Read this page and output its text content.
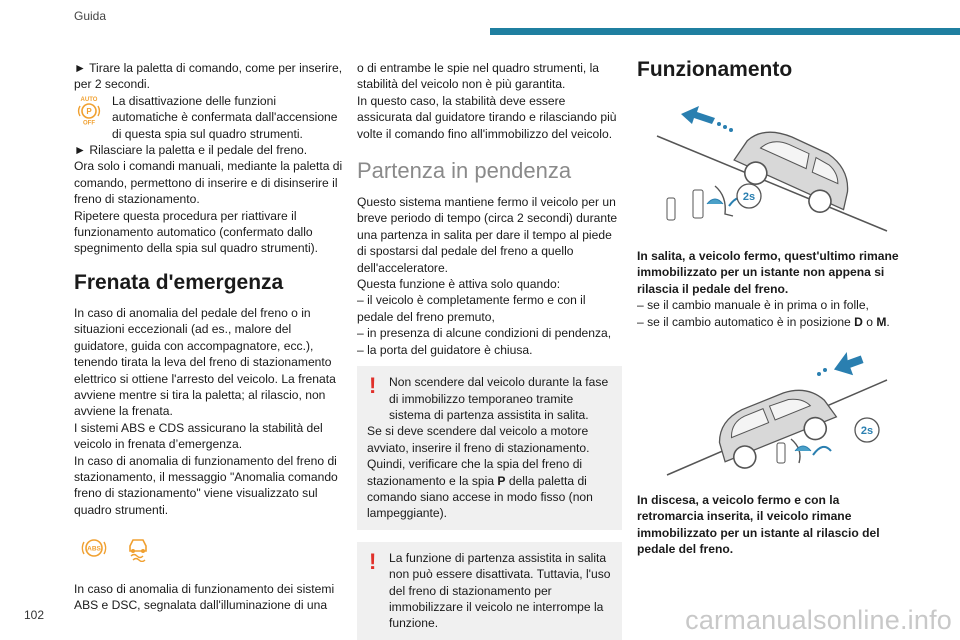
Guida

► Tirare la paletta di comando, come per inserire, per 2 secondi.

AUTO
P
OFF

La disattivazione delle funzioni automatiche è confermata dall'accensione di questa spia sul quadro strumenti.

► Rilasciare la paletta e il pedale del freno.

Ora solo i comandi manuali, mediante la paletta di comando, permettono di inserire e di disinserire il freno di stazionamento.

Ripetere questa procedura per riattivare il funzionamento automatico (confermato dallo spegnimento della spia sul quadro strumenti).

Frenata d'emergenza

In caso di anomalia del pedale del freno o in situazioni eccezionali (ad es., malore del guidatore, guida con accompagnatore, ecc.), tenendo tirata la leva del freno di stazionamento elettrico si ottiene l'arresto del veicolo. La frenata avviene mentre si tira la paletta; al rilascio, non avviene la frenata.

I sistemi ABS e CDS assicurano la stabilità del veicolo in frenata d’emergenza.

In caso di anomalia di funzionamento del freno di stazionamento, il messaggio "Anomalia comando freno di stazionamento" viene visualizzato sul quadro strumenti.

ABS

In caso di anomalia di funzionamento dei sistemi ABS e DSC, segnalata dall'illuminazione di una

o di entrambe le spie nel quadro strumenti, la stabilità del veicolo non è più garantita.

In questo caso, la stabilità deve essere assicurata dal guidatore tirando e rilasciando più volte il comando fino all'immobilizzo del veicolo.

Partenza in pendenza

Questo sistema mantiene fermo il veicolo per un breve periodo di tempo (circa 2 secondi) durante una partenza in salita per dare il tempo al piede di spostarsi dal pedale del freno a quello dell'acceleratore.

Questa funzione è attiva solo quando:

– il veicolo è completamente fermo e con il pedale del freno premuto,

– in presenza di alcune condizioni di pendenza,

– la porta del guidatore è chiusa.

!	Non scendere dal veicolo durante la fase di immobilizzo temporaneo tramite sistema di partenza assistita in salita.

Se si deve scendere dal veicolo a motore avviato, inserire il freno di stazionamento.

Quindi, verificare che la spia del freno di stazionamento e la spia P della paletta di comando siano accese in modo fisso (non lampeggiante).

!	La funzione di partenza assistita in salita non può essere disattivata. Tuttavia, l'uso del freno di stazionamento per immobilizzare il veicolo ne interrompe la funzione.

Funzionamento
2s

In salita, a veicolo fermo, quest'ultimo rimane immobilizzato per un istante non appena si rilascia il pedale del freno.

– se il cambio manuale è in prima o in folle,

– se il cambio automatico è in posizione D o M.

2s

In discesa, a veicolo fermo e con la retromarcia inserita, il veicolo rimane immobilizzato per un istante al rilascio del pedale del freno.

102	carmanualsonline.info
